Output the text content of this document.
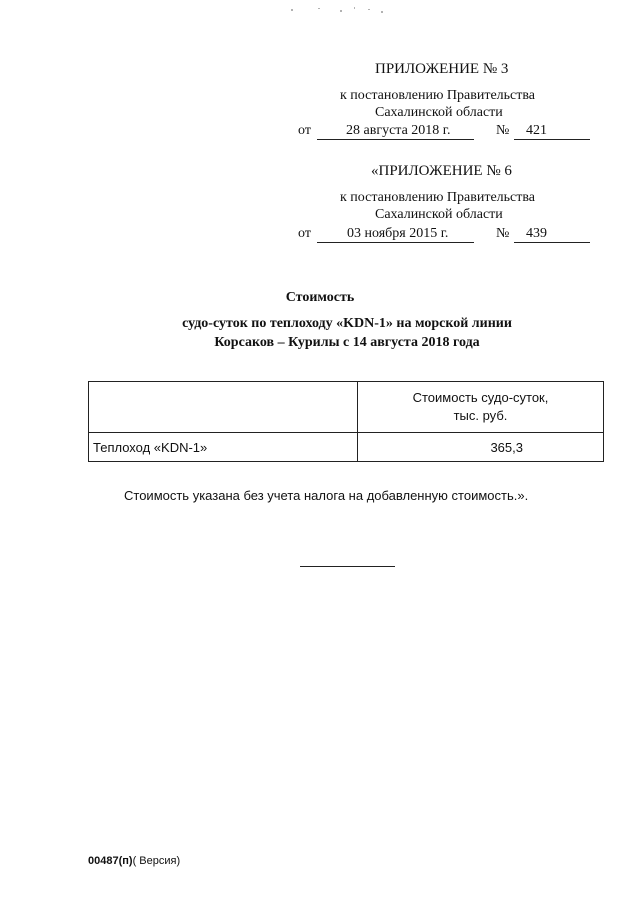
ПРИЛОЖЕНИЕ № 3
к постановлению Правительства
Сахалинской области
от	28 августа 2018 г.	№ 421
«ПРИЛОЖЕНИЕ № 6
к постановлению Правительства
Сахалинской области
от	03 ноября 2015 г.	№ 439
Стоимость
судо-суток по теплоходу «KDN-1» на морской линии
Корсаков – Курилы с 14 августа 2018 года

	Стоимость судо-суток,
тыс. руб.

Теплоход «KDN-1»	365,3
Стоимость указана без учета налога на добавленную стоимость.».
00487(п)( Версия)
